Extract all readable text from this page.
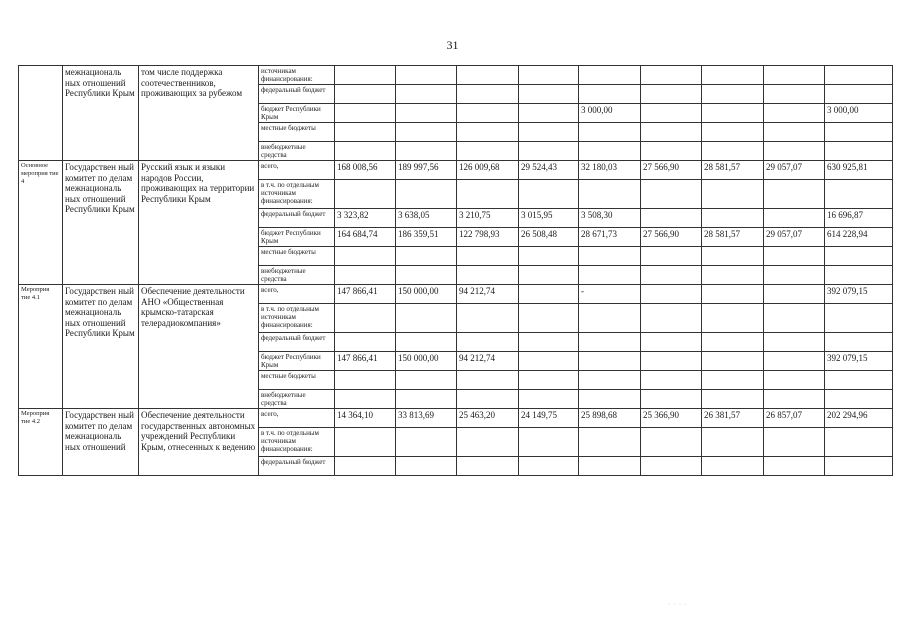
31
	межнациональ ных отношений Республики Крым	том числе поддержка соотечественников, проживающих за рубежом	источникам финансирования:									
			федеральный бюджет									
			бюджет Республики Крым					3 000,00				3 000,00
			местные бюджеты									
			внебюджетные средства									
Основное мероприя тие 4	Государствен ный комитет по делам межнациональ ных отношений Республики Крым	Русский язык и языки народов России, проживающих на территории Республики Крым	всего,	168 008,56	189 997,56	126 009,68	29 524,43	32 180,03	27 566,90	28 581,57	29 057,07	630 925,81
			в т.ч. по отдельным источникам финансирования:									
			федеральный бюджет	3 323,82	3 638,05	3 210,75	3 015,95	3 508,30				16 696,87
			бюджет Республики Крым	164 684,74	186 359,51	122 798,93	26 508,48	28 671,73	27 566,90	28 581,57	29 057,07	614 228,94
			местные бюджеты									
			внебюджетные средства									
Мероприя тие 4.1	Государствен ный комитет по делам межнациональ ных отношений Республики Крым	Обеспечение деятельности АНО «Общественная крымско-татарская телерадиокомпания»	всего,	147 866,41	150 000,00	94 212,74		-				392 079,15
			в т.ч. по отдельным источникам финансирования:									
			федеральный бюджет									
			бюджет Республики Крым	147 866,41	150 000,00	94 212,74						392 079,15
			местные бюджеты									
			внебюджетные средства									
Мероприя тие 4.2	Государствен ный комитет по делам межнациональ ных отношений	Обеспечение деятельности государственных автономных учреждений Республики Крым, отнесенных к ведению	всего,	14 364,10	33 813,69	25 463,20	24 149,75	25 898,68	25 366,90	26 381,57	26 857,07	202 294,96
			в т.ч. по отдельным источникам финансирования:									
			федеральный бюджет									
· · · ·
